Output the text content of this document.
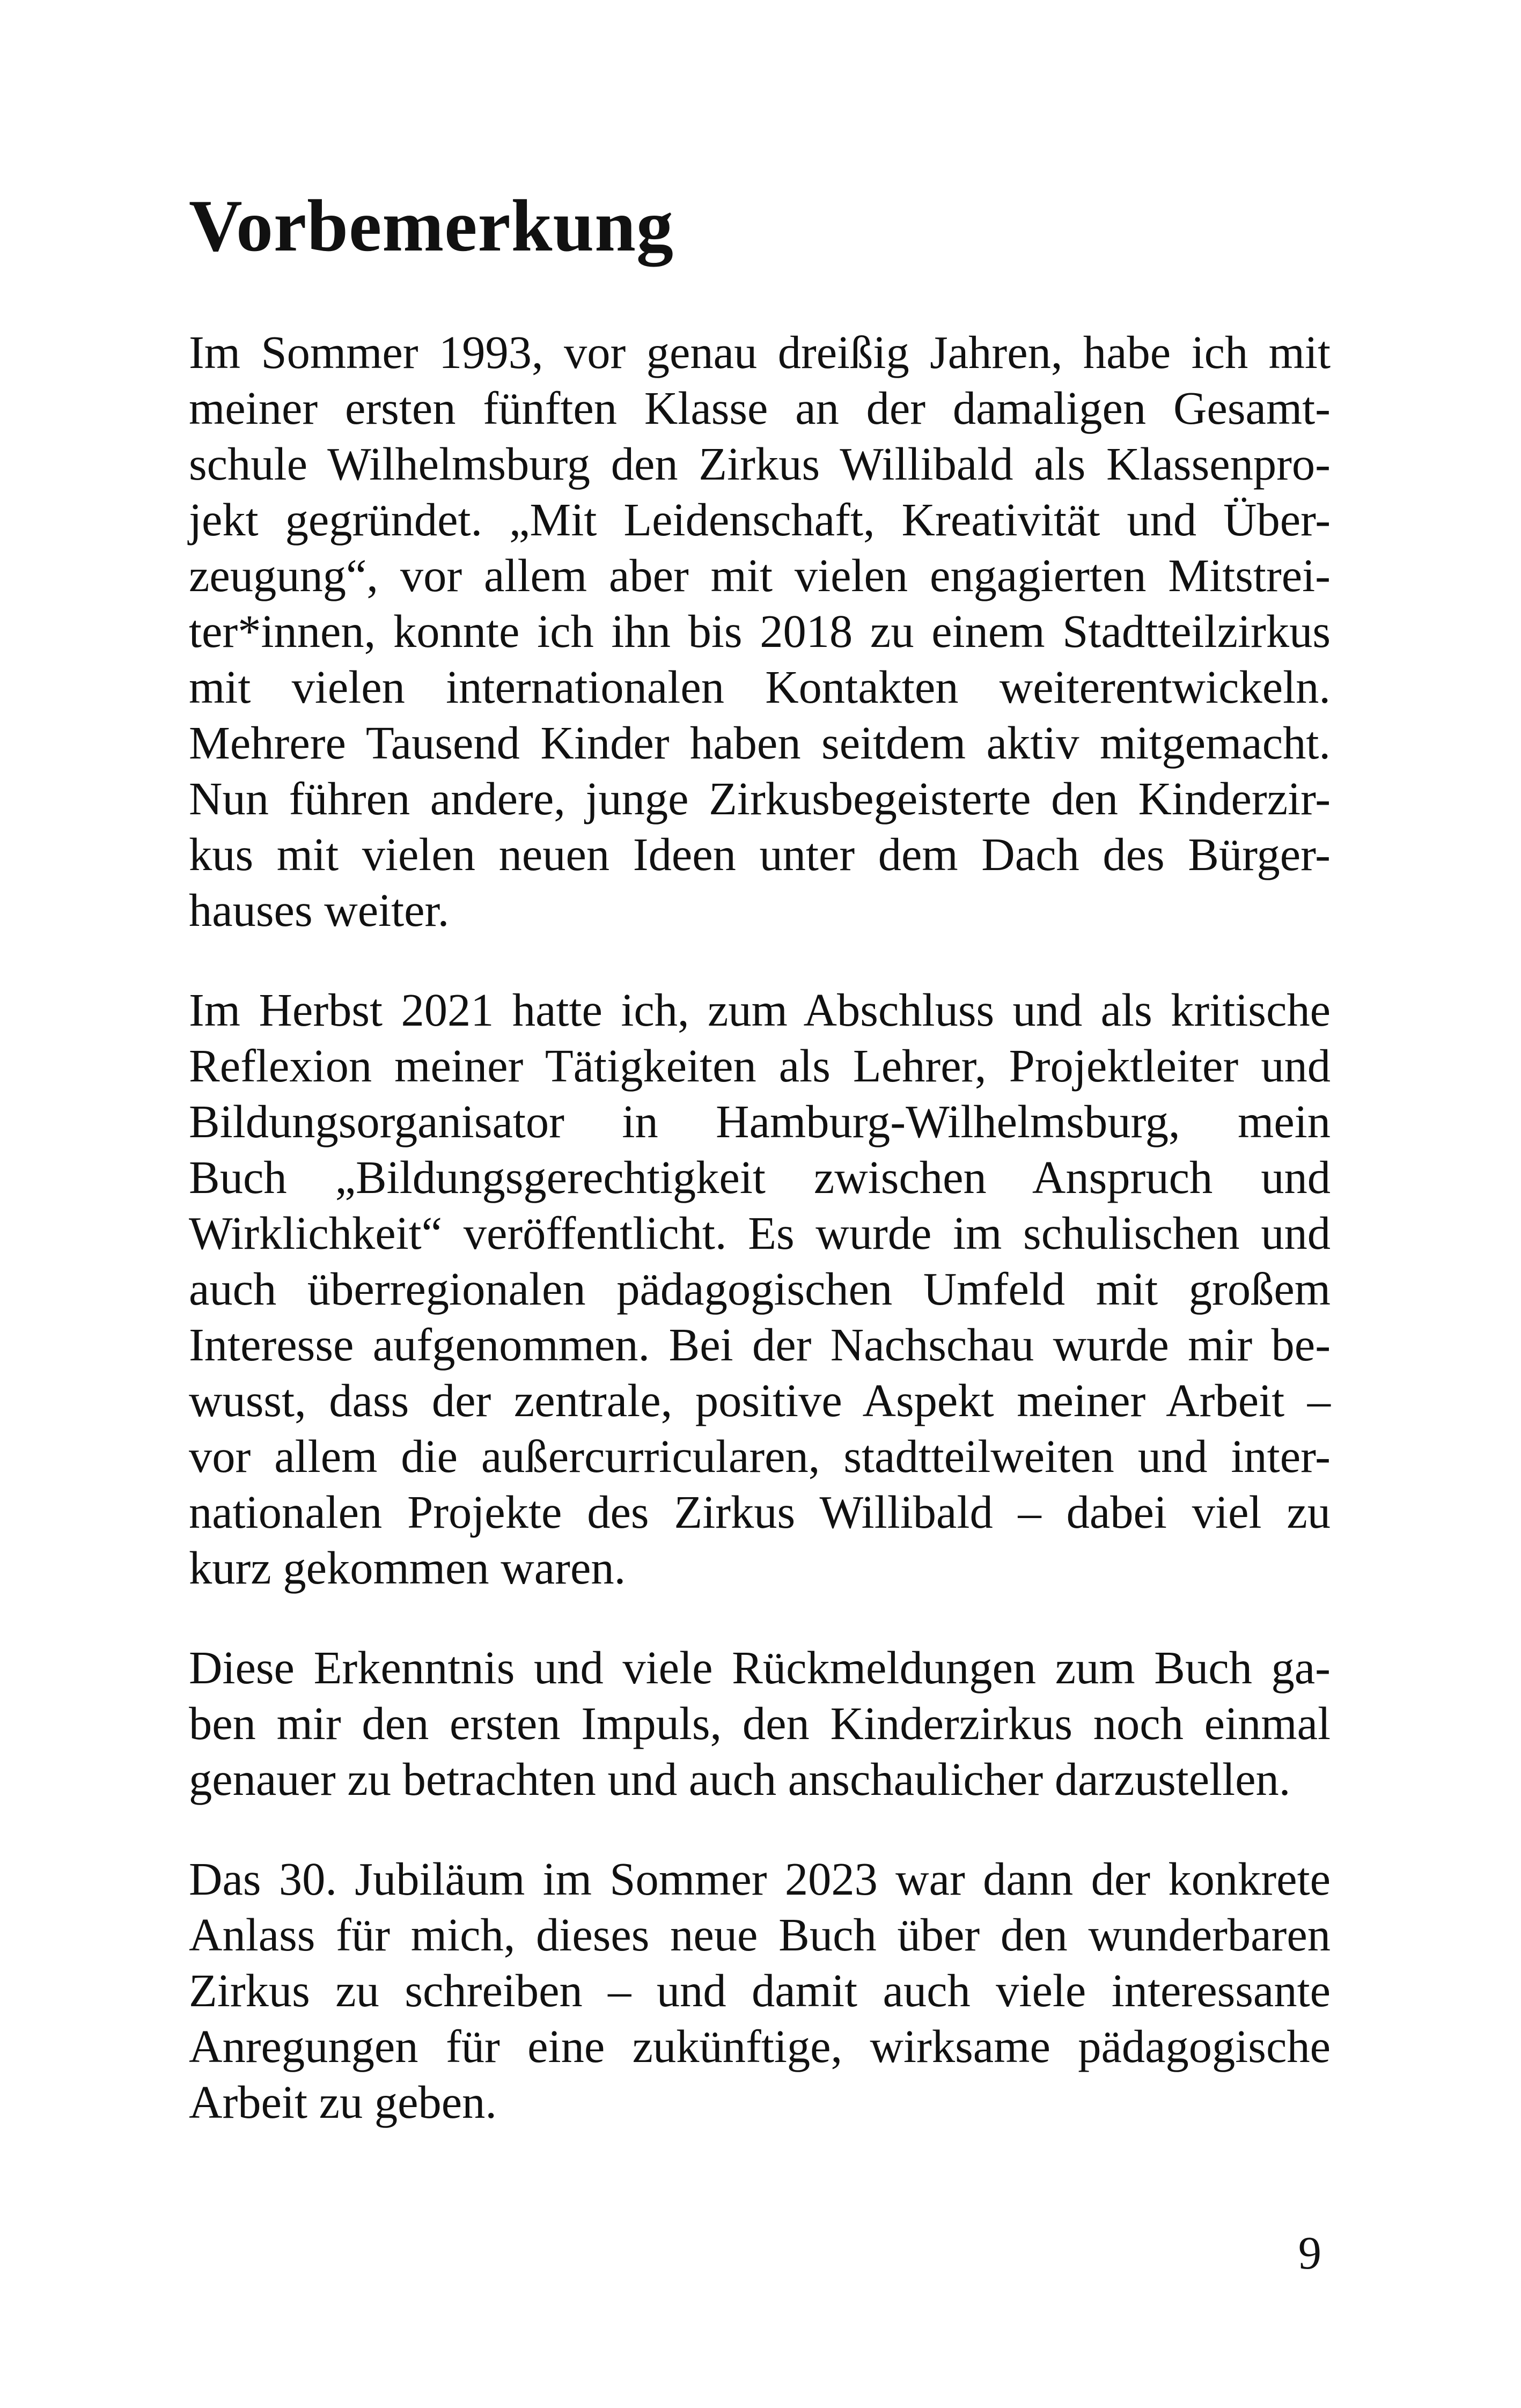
Vorbemerkung

Im Sommer 1993, vor genau dreißig Jahren, habe ich mit
meiner ersten fünften Klasse an der damaligen Gesamt-
schule Wilhelmsburg den Zirkus Willibald als Klassenpro-
jekt gegründet. „Mit Leidenschaft, Kreativität und Über-
zeugung“, vor allem aber mit vielen engagierten Mitstrei-
ter*innen, konnte ich ihn bis 2018 zu einem Stadtteilzirkus
mit vielen internationalen Kontakten weiterentwickeln.
Mehrere Tausend Kinder haben seitdem aktiv mitgemacht.
Nun führen andere, junge Zirkusbegeisterte den Kinderzir-
kus mit vielen neuen Ideen unter dem Dach des Bürger-
hauses weiter.

Im Herbst 2021 hatte ich, zum Abschluss und als kritische
Reflexion meiner Tätigkeiten als Lehrer, Projektleiter und
Bildungsorganisator in Hamburg-Wilhelmsburg, mein
Buch „Bildungsgerechtigkeit zwischen Anspruch und
Wirklichkeit“ veröffentlicht. Es wurde im schulischen und
auch überregionalen pädagogischen Umfeld mit großem
Interesse aufgenommen. Bei der Nachschau wurde mir be-
wusst, dass der zentrale, positive Aspekt meiner Arbeit –
vor allem die außercurricularen, stadtteilweiten und inter-
nationalen Projekte des Zirkus Willibald – dabei viel zu
kurz gekommen waren.

Diese Erkenntnis und viele Rückmeldungen zum Buch ga-
ben mir den ersten Impuls, den Kinderzirkus noch einmal
genauer zu betrachten und auch anschaulicher darzustellen.

Das 30. Jubiläum im Sommer 2023 war dann der konkrete
Anlass für mich, dieses neue Buch über den wunderbaren
Zirkus zu schreiben – und damit auch viele interessante
Anregungen für eine zukünftige, wirksame pädagogische
Arbeit zu geben.

9
